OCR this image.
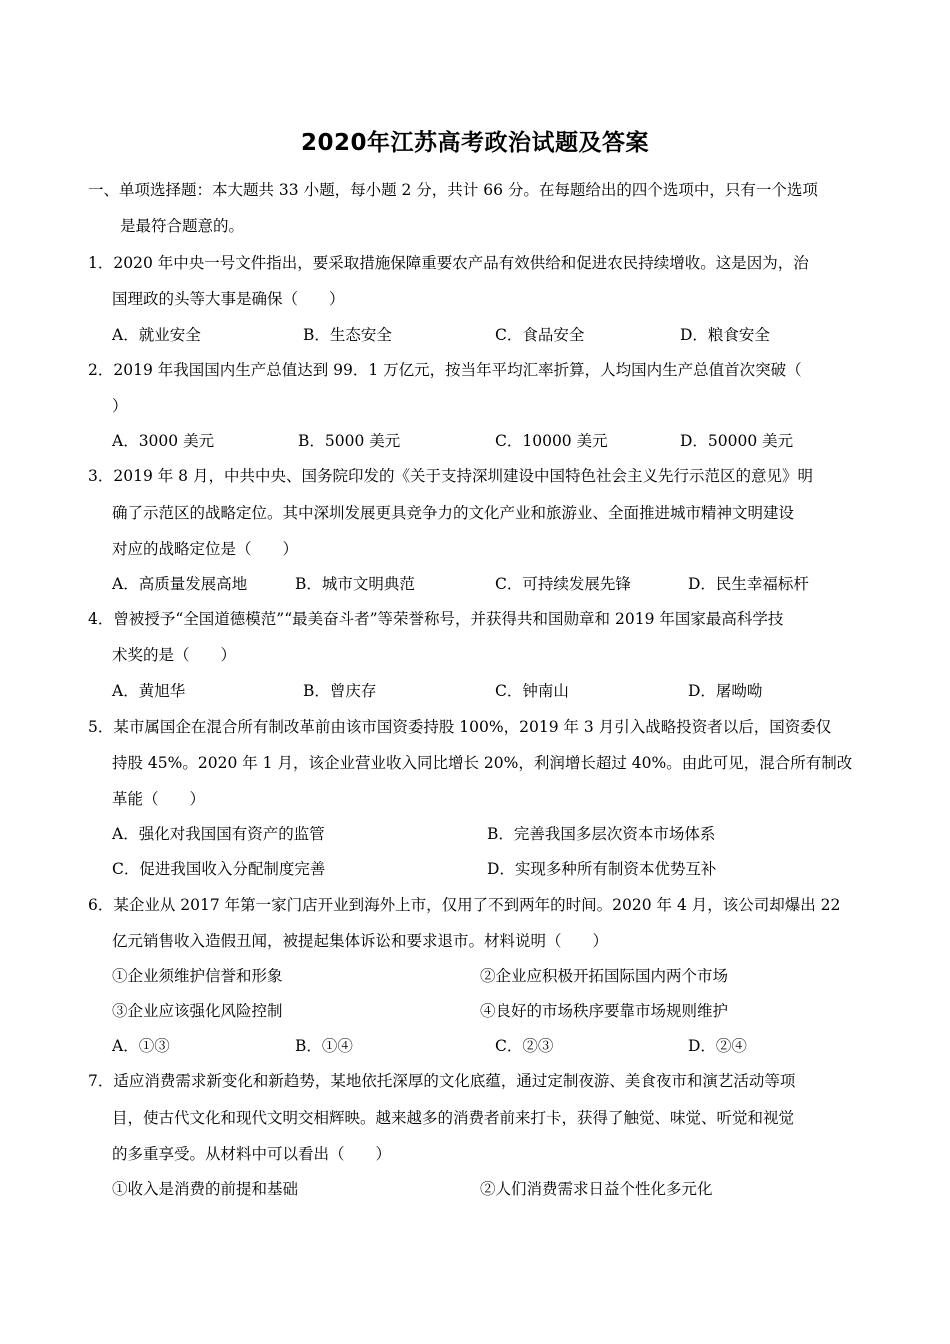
2020年江苏高考政治试题及答案
一、单项选择题：本大题共 33 小题，每小题 2 分，共计 66 分。在每题给出的四个选项中，只有一个选项
是最符合题意的。
1．2020 年中央一号文件指出，要采取措施保障重要农产品有效供给和促进农民持续增收。这是因为，治
国理政的头等大事是确保（　　）
A．就业安全	B．生态安全	C．食品安全	D．粮食安全
2．2019 年我国国内生产总值达到 99．1 万亿元，按当年平均汇率折算，人均国内生产总值首次突破（
）
A．3000 美元	B．5000 美元	C．10000 美元	D．50000 美元
3．2019 年 8 月，中共中央、国务院印发的《关于支持深圳建设中国特色社会主义先行示范区的意见》明
确了示范区的战略定位。其中深圳发展更具竞争力的文化产业和旅游业、全面推进城市精神文明建设
对应的战略定位是（　　）
A．高质量发展高地	B．城市文明典范	C．可持续发展先锋	D．民生幸福标杆
4．曾被授予“全国道德模范”“最美奋斗者”等荣誉称号，并获得共和国勋章和 2019 年国家最高科学技
术奖的是（　　）
A．黄旭华	B．曾庆存	C．钟南山	D．屠呦呦
5．某市属国企在混合所有制改革前由该市国资委持股 100%，2019 年 3 月引入战略投资者以后，国资委仅
持股 45%。2020 年 1 月，该企业营业收入同比增长 20%，利润增长超过 40%。由此可见，混合所有制改
革能（　　）
A．强化对我国国有资产的监管	B．完善我国多层次资本市场体系
C．促进我国收入分配制度完善	D．实现多种所有制资本优势互补
6．某企业从 2017 年第一家门店开业到海外上市，仅用了不到两年的时间。2020 年 4 月，该公司却爆出 22
亿元销售收入造假丑闻，被提起集体诉讼和要求退市。材料说明（　　）
①企业须维护信誉和形象	②企业应积极开拓国际国内两个市场
③企业应该强化风险控制	④良好的市场秩序要靠市场规则维护
A．①③	B．①④	C．②③	D．②④
7．适应消费需求新变化和新趋势，某地依托深厚的文化底蕴，通过定制夜游、美食夜市和演艺活动等项
目，使古代文化和现代文明交相辉映。越来越多的消费者前来打卡，获得了触觉、味觉、听觉和视觉
的多重享受。从材料中可以看出（　　）
①收入是消费的前提和基础	②人们消费需求日益个性化多元化
